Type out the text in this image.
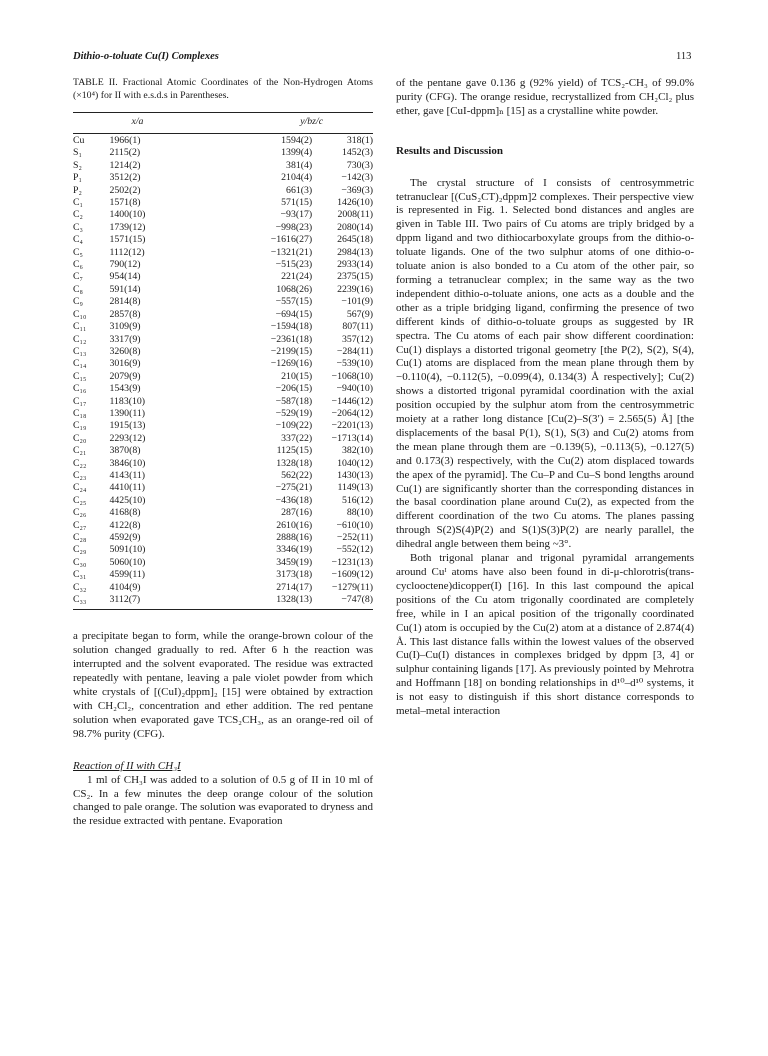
Dithio-o-toluate Cu(I) Complexes	113
TABLE II. Fractional Atomic Coordinates of the Non-Hydrogen Atoms (×10⁴) for II with e.s.d.s in Parentheses.
	x/a	y/b	z/c

Cu	1966(1)	1594(2)	318(1)
S₁	2115(2)	1399(4)	1452(3)
S₂	1214(2)	381(4)	730(3)
P₁	3512(2)	2104(4)	−142(3)
P₂	2502(2)	661(3)	−369(3)
C₁	1571(8)	571(15)	1426(10)
C₂	1400(10)	−93(17)	2008(11)
C₃	1739(12)	−998(23)	2080(14)
C₄	1571(15)	−1616(27)	2645(18)
C₅	1112(12)	−1321(21)	2984(13)
C₆	790(12)	−515(23)	2933(14)
C₇	954(14)	221(24)	2375(15)
C₈	591(14)	1068(26)	2239(16)
C₉	2814(8)	−557(15)	−101(9)
C₁₀	2857(8)	−694(15)	567(9)
C₁₁	3109(9)	−1594(18)	807(11)
C₁₂	3317(9)	−2361(18)	357(12)
C₁₃	3260(8)	−2199(15)	−284(11)
C₁₄	3016(9)	−1269(16)	−539(10)
C₁₅	2079(9)	210(15)	−1068(10)
C₁₆	1543(9)	−206(15)	−940(10)
C₁₇	1183(10)	−587(18)	−1446(12)
C₁₈	1390(11)	−529(19)	−2064(12)
C₁₉	1915(13)	−109(22)	−2201(13)
C₂₀	2293(12)	337(22)	−1713(14)
C₂₁	3870(8)	1125(15)	382(10)
C₂₂	3846(10)	1328(18)	1040(12)
C₂₃	4143(11)	562(22)	1430(13)
C₂₄	4410(11)	−275(21)	1149(13)
C₂₅	4425(10)	−436(18)	516(12)
C₂₆	4168(8)	287(16)	88(10)
C₂₇	4122(8)	2610(16)	−610(10)
C₂₈	4592(9)	2888(16)	−252(11)
C₂₉	5091(10)	3346(19)	−552(12)
C₃₀	5060(10)	3459(19)	−1231(13)
C₃₁	4599(11)	3173(18)	−1609(12)
C₃₂	4104(9)	2714(17)	−1279(11)
C₃₃	3112(7)	1328(13)	−747(8)

a precipitate began to form, while the orange-brown colour of the solution changed gradually to red. After 6 h the reaction was interrupted and the solvent evaporated. The residue was extracted repeatedly with pentane, leaving a pale violet powder from which white crystals of [(CuI)₂dppm]₂ [15] were obtained by extraction with CH₂Cl₂, concentration and ether addition. The red pentane solution when evaporated gave TCS₂CH₃, as an orange-red oil of 98.7% purity (CFG).

Reaction of II with CH₃I

1 ml of CH₃I was added to a solution of 0.5 g of II in 10 ml of CS₂. In a few minutes the deep orange colour of the solution changed to pale orange. The solution was evaporated to dryness and the residue extracted with pentane. Evaporation

of the pentane gave 0.136 g (92% yield) of TCS₂-CH₃ of 99.0% purity (CFG). The orange residue, recrystallized from CH₂Cl₂ plus ether, gave [CuI-dppm]ₙ [15] as a crystalline white powder.

Results and Discussion

The crystal structure of I consists of centrosymmetric tetranuclear [(CuS₂CT)₂dppm]2 complexes. Their perspective view is represented in Fig. 1. Selected bond distances and angles are given in Table III. Two pairs of Cu atoms are triply bridged by a dppm ligand and two dithiocarboxylate groups from the dithio-o-toluate ligands. One of the two sulphur atoms of one dithio-o-toluate anion is also bonded to a Cu atom of the other pair, so forming a tetranuclear complex; in the same way as the two independent dithio-o-toluate anions, one acts as a double and the other as a triple bridging ligand, confirming the presence of two different kinds of dithio-o-toluate groups as suggested by IR spectra. The Cu atoms of each pair show different coordination: Cu(1) displays a distorted trigonal geometry [the P(2), S(2), S(4), Cu(1) atoms are displaced from the mean plane through them by −0.110(4), −0.112(5), −0.099(4), 0.134(3) Å respectively]; Cu(2) shows a distorted trigonal pyramidal coordination with the axial position occupied by the sulphur atom from the centrosymmetric moiety at a rather long distance [Cu(2)–S(3′) = 2.565(5) Å] [the displacements of the basal P(1), S(1), S(3) and Cu(2) atoms from the mean plane through them are −0.139(5), −0.113(5), −0.127(5) and 0.173(3) respectively, with the Cu(2) atom displaced towards the apex of the pyramid]. The Cu–P and Cu–S bond lengths around Cu(1) are significantly shorter than the corresponding distances in the basal coordination plane around Cu(2), as expected from the different coordination of the two Cu atoms. The planes passing through S(2)S(4)P(2) and S(1)S(3)P(2) are nearly parallel, the dihedral angle between them being ~3°.

Both trigonal planar and trigonal pyramidal arrangements around Cuᴵ atoms have also been found in di-μ-chlorotris(trans-cyclooctene)dicopper(I) [16]. In this last compound the apical positions of the Cu atom trigonally coordinated are completely free, while in I an apical position of the trigonally coordinated Cu(1) atom is occupied by the Cu(2) atom at a distance of 2.874(4) Å. This last distance falls within the lowest values of the observed Cu(I)–Cu(I) distances in complexes bridged by dppm [3, 4] or sulphur containing ligands [17]. As previously pointed by Mehrotra and Hoffmann [18] on bonding relationships in d¹⁰–d¹⁰ systems, it is not easy to distinguish if this short distance corresponds to metal–metal interaction
